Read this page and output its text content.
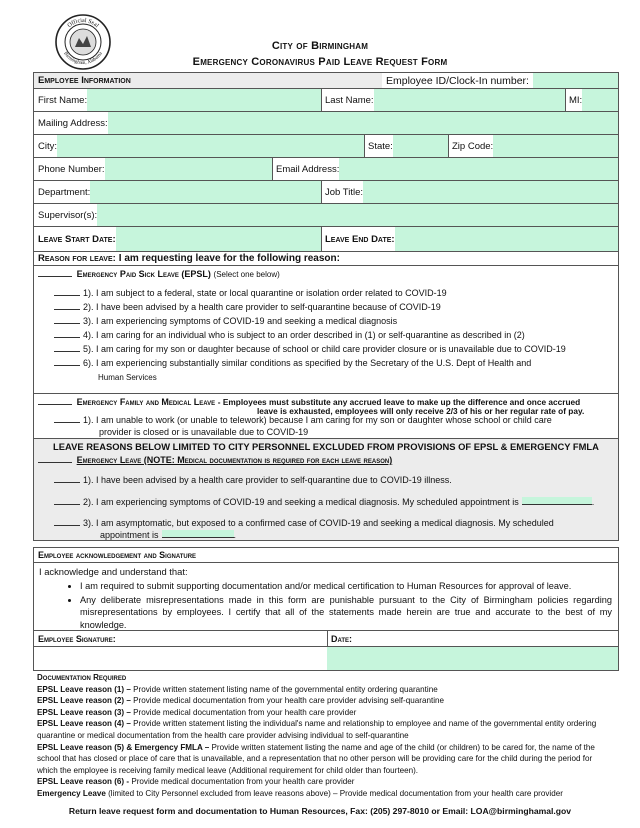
Official Seal
Birmingham, Alabama
City of Birmingham
Emergency Coronavirus Paid Leave Request Form
Employee Information	Employee ID/Clock-In number:
First Name:	Last Name:	MI:
Mailing Address:
City:	State:	Zip Code:
Phone Number:	Email Address:
Department:	Job Title:
Supervisor(s):
Leave Start Date:	Leave End Date:
Reason for leave: I am requesting leave for the following reason:
Emergency Paid Sick Leave (EPSL) (Select one below)
1). I am subject to a federal, state or local quarantine or isolation order related to COVID-19
2). I have been advised by a health care provider to self-quarantine because of COVID-19
3). I am experiencing symptoms of COVID-19 and seeking a medical diagnosis
4). I am caring for an individual who is subject to an order described in (1) or self-quarantine as described in (2)
5). I am caring for my son or daughter because of school or child care provider closure or is unavailable due to COVID-19
6). I am experiencing substantially similar conditions as specified by the Secretary of the U.S. Dept of Health and
Human Services
Emergency Family and Medical Leave - Employees must substitute any accrued leave to make up the difference and once accrued
leave is exhausted, employees will only receive 2/3 of his or her regular rate of pay.
1). I am unable to work (or unable to telework) because I am caring for my son or daughter whose school or child care
provider is closed or is unavailable due to COVID-19
LEAVE REASONS BELOW LIMITED TO CITY PERSONNEL EXCLUDED FROM PROVISIONS OF EPSL & EMERGENCY FMLA
Emergency Leave (NOTE: Medical documentation is required for each leave reason)
1). I have been advised by a health care provider to self-quarantine due to COVID-19 illness.
2). I am experiencing symptoms of COVID-19 and seeking a medical diagnosis. My scheduled appointment is	.
3). I am asymptomatic, but exposed to a confirmed case of COVID-19 and seeking a medical diagnosis. My scheduled
appointment is	.
Employee acknowledgement and Signature
I acknowledge and understand that:
• I am required to submit supporting documentation and/or medical certification to Human Resources for approval of leave.
• Any deliberate misrepresentations made in this form are punishable pursuant to the City of Birmingham policies regarding misrepresentations by employees. I certify that all of the statements made herein are true and accurate to the best of my knowledge.
Employee Signature:	Date:
Documentation Required
EPSL Leave reason (1) – Provide written statement listing name of the governmental entity ordering quarantine
EPSL Leave reason (2) – Provide medical documentation from your health care provider advising self-quarantine
EPSL Leave reason (3) – Provide medical documentation from your health care provider
EPSL Leave reason (4) – Provide written statement listing the individual's name and relationship to employee and name of the governmental entity ordering quarantine or medical documentation from the health care provider advising individual to self-quarantine
EPSL Leave reason (5) & Emergency FMLA – Provide written statement listing the name and age of the child (or children) to be cared for, the name of the school that has closed or place of care that is unavailable, and a representation that no other person will be providing care for the child during the period for which the employee is receiving family medical leave (Additional requirement for child older than fourteen).
EPSL Leave reason (6) - Provide medical documentation from your health care provider
Emergency Leave (limited to City Personnel excluded from leave reasons above) – Provide medical documentation from your health care provider
Return leave request form and documentation to Human Resources, Fax: (205) 297-8010 or Email: LOA@birminghamal.gov
